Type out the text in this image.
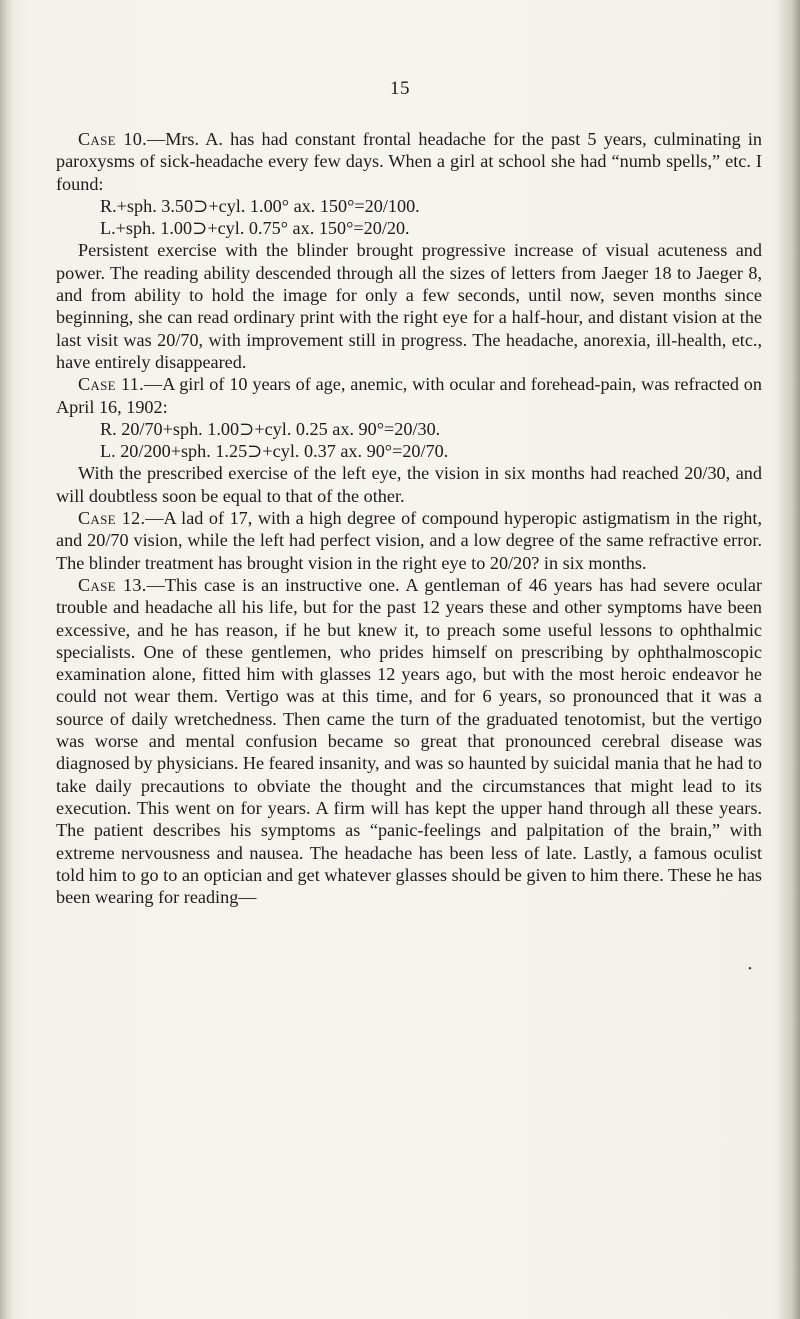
15

Case 10.—Mrs. A. has had constant frontal headache for the past 5 years, culminating in paroxysms of sick-headache every few days. When a girl at school she had “numb spells,” etc. I found:

R.+sph. 3.50⊃+cyl. 1.00° ax. 150°=20/100.

L.+sph. 1.00⊃+cyl. 0.75° ax. 150°=20/20.

Persistent exercise with the blinder brought progressive increase of visual acuteness and power. The reading ability descended through all the sizes of letters from Jaeger 18 to Jaeger 8, and from ability to hold the image for only a few seconds, until now, seven months since beginning, she can read ordinary print with the right eye for a half-hour, and distant vision at the last visit was 20/70, with improvement still in progress. The headache, anorexia, ill-health, etc., have entirely disappeared.

Case 11.—A girl of 10 years of age, anemic, with ocular and forehead-pain, was refracted on April 16, 1902:

R. 20/70+sph. 1.00⊃+cyl. 0.25 ax. 90°=20/30.

L. 20/200+sph. 1.25⊃+cyl. 0.37 ax. 90°=20/70.

With the prescribed exercise of the left eye, the vision in six months had reached 20/30, and will doubtless soon be equal to that of the other.

Case 12.—A lad of 17, with a high degree of compound hyperopic astigmatism in the right, and 20/70 vision, while the left had perfect vision, and a low degree of the same refractive error. The blinder treatment has brought vision in the right eye to 20/20? in six months.

Case 13.—This case is an instructive one. A gentleman of 46 years has had severe ocular trouble and headache all his life, but for the past 12 years these and other symptoms have been excessive, and he has reason, if he but knew it, to preach some useful lessons to ophthalmic specialists. One of these gentlemen, who prides himself on prescribing by ophthalmoscopic examination alone, fitted him with glasses 12 years ago, but with the most heroic endeavor he could not wear them. Vertigo was at this time, and for 6 years, so pronounced that it was a source of daily wretchedness. Then came the turn of the graduated tenotomist, but the vertigo was worse and mental confusion became so great that pronounced cerebral disease was diagnosed by physicians. He feared insanity, and was so haunted by suicidal mania that he had to take daily precautions to obviate the thought and the circumstances that might lead to its execution. This went on for years. A firm will has kept the upper hand through all these years. The patient describes his symptoms as “panic-feelings and palpitation of the brain,” with extreme nervousness and nausea. The headache has been less of late. Lastly, a famous oculist told him to go to an optician and get whatever glasses should be given to him there. These he has been wearing for reading—

•
